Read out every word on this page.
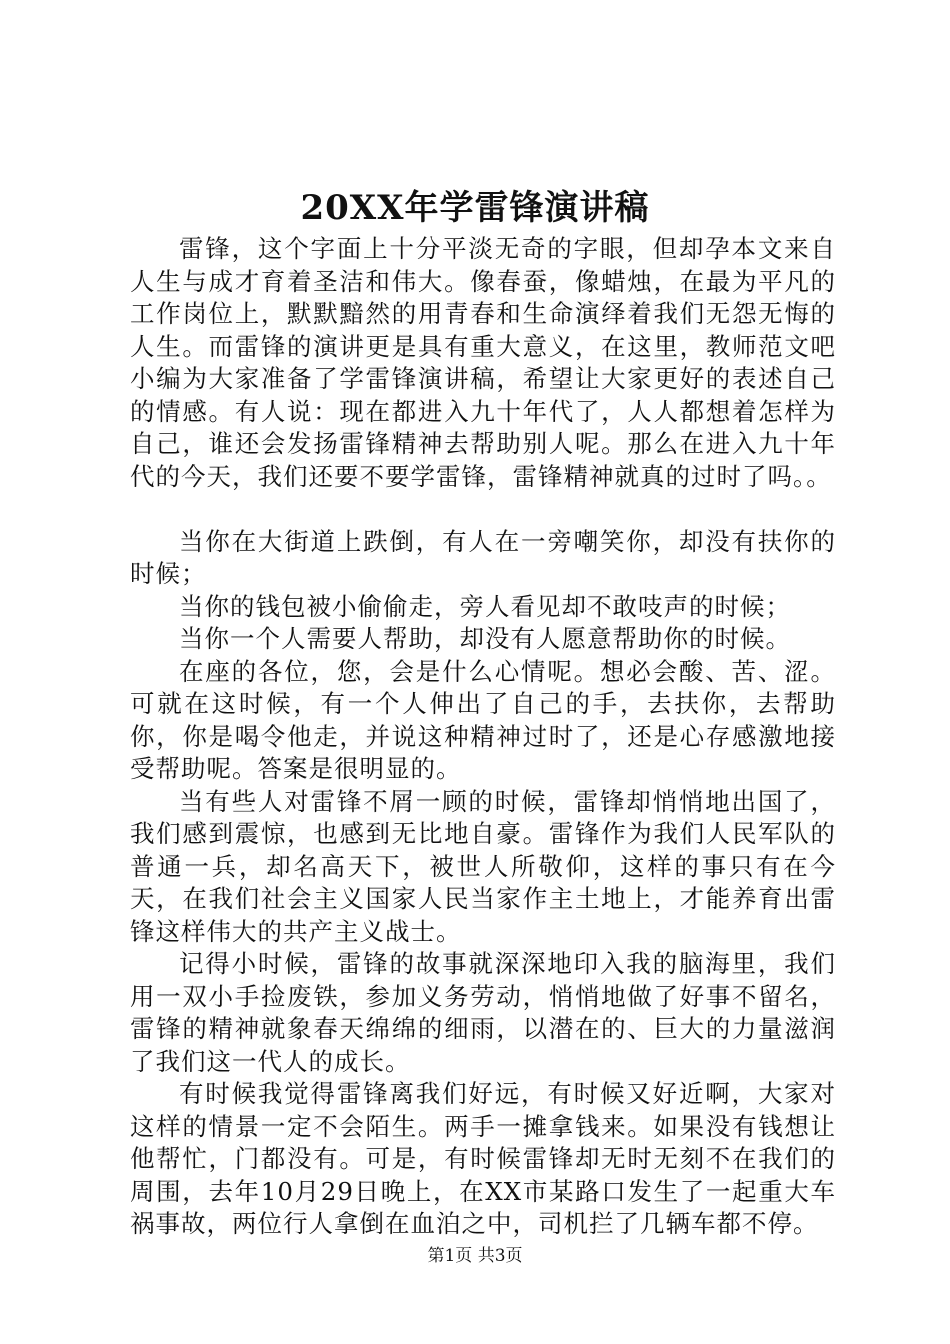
20XX年学雷锋演讲稿

雷锋，这个字面上十分平淡无奇的字眼，但却孕本文来自人生与成才育着圣洁和伟大。像春蚕，像蜡烛，在最为平凡的工作岗位上，默默黯然的用青春和生命演绎着我们无怨无悔的人生。而雷锋的演讲更是具有重大意义，在这里，教师范文吧小编为大家准备了学雷锋演讲稿，希望让大家更好的表述自己的情感。有人说：现在都进入九十年代了，人人都想着怎样为自己，谁还会发扬雷锋精神去帮助别人呢。那么在进入九十年代的今天，我们还要不要学雷锋，雷锋精神就真的过时了吗。。

当你在大街道上跌倒，有人在一旁嘲笑你，却没有扶你的时候；

当你的钱包被小偷偷走，旁人看见却不敢吱声的时候；

当你一个人需要人帮助，却没有人愿意帮助你的时候。

在座的各位，您，会是什么心情呢。想必会酸、苦、涩。可就在这时候，有一个人伸出了自己的手，去扶你，去帮助你，你是喝令他走，并说这种精神过时了，还是心存感激地接受帮助呢。答案是很明显的。

当有些人对雷锋不屑一顾的时候，雷锋却悄悄地出国了，我们感到震惊，也感到无比地自豪。雷锋作为我们人民军队的普通一兵，却名高天下，被世人所敬仰，这样的事只有在今天，在我们社会主义国家人民当家作主土地上，才能养育出雷锋这样伟大的共产主义战士。

记得小时候，雷锋的故事就深深地印入我的脑海里，我们用一双小手捡废铁，参加义务劳动，悄悄地做了好事不留名，雷锋的精神就象春天绵绵的细雨，以潜在的、巨大的力量滋润了我们这一代人的成长。

有时候我觉得雷锋离我们好远，有时候又好近啊，大家对这样的情景一定不会陌生。两手一摊拿钱来。如果没有钱想让他帮忙，门都没有。可是，有时候雷锋却无时无刻不在我们的周围，去年10月29日晚上，在XX市某路口发生了一起重大车祸事故，两位行人拿倒在血泊之中，司机拦了几辆车都不停。

第1页 共3页
